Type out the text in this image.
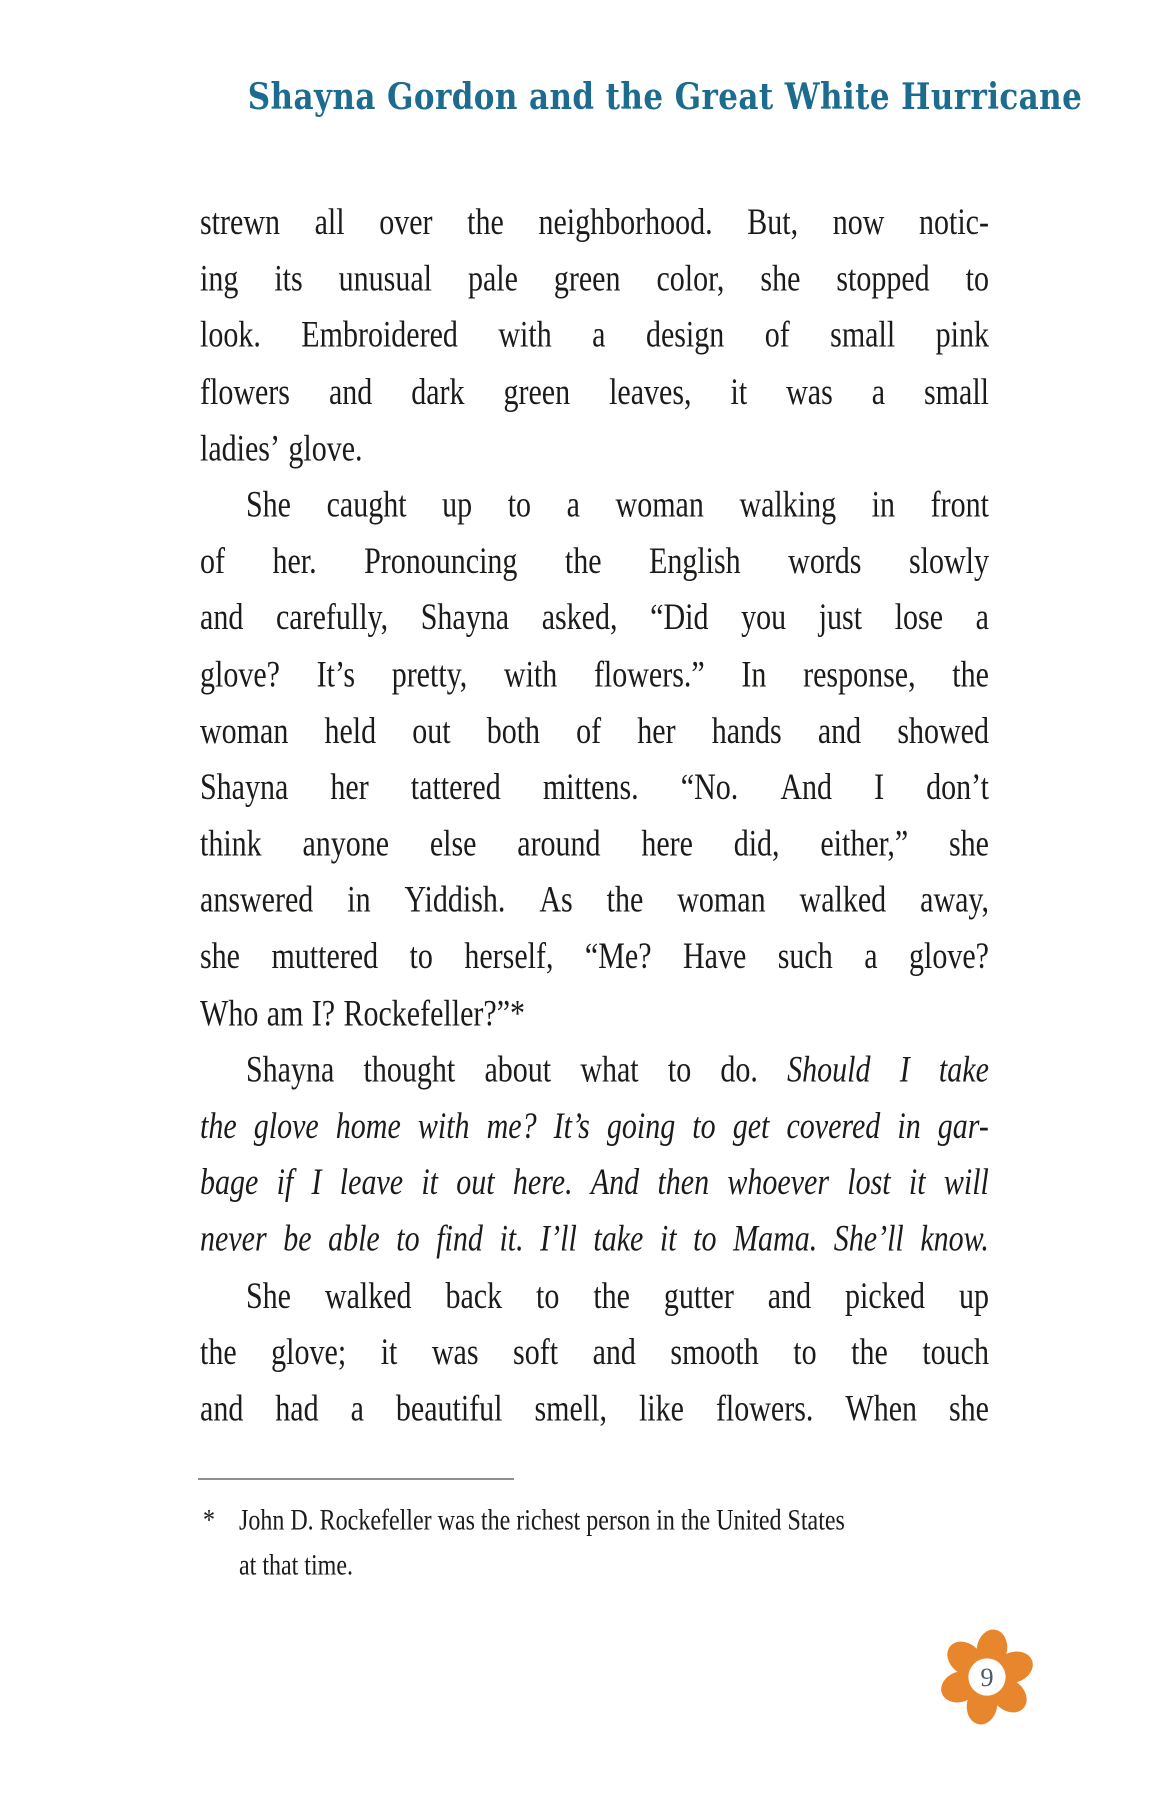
Shayna Gordon and the Great White Hurricane
strewn all over the neighborhood. But, now notic-
ing its unusual pale green color, she stopped to
look. Embroidered with a design of small pink
flowers and dark green leaves, it was a small
ladies’ glove.
She caught up to a woman walking in front
of her. Pronouncing the English words slowly
and carefully, Shayna asked, “Did you just lose a
glove? It’s pretty, with flowers.” In response, the
woman held out both of her hands and showed
Shayna her tattered mittens. “No. And I don’t
think anyone else around here did, either,” she
answered in Yiddish. As the woman walked away,
she muttered to herself, “Me? Have such a glove?
Who am I? Rockefeller?”*
Shayna thought about what to do. Should I take
the glove home with me? It’s going to get covered in gar-
bage if I leave it out here. And then whoever lost it will
never be able to find it. I’ll take it to Mama. She’ll know.
She walked back to the gutter and picked up
the glove; it was soft and smooth to the touch
and had a beautiful smell, like flowers. When she
*	John D. Rockefeller was the richest person in the United States
at that time.
9
